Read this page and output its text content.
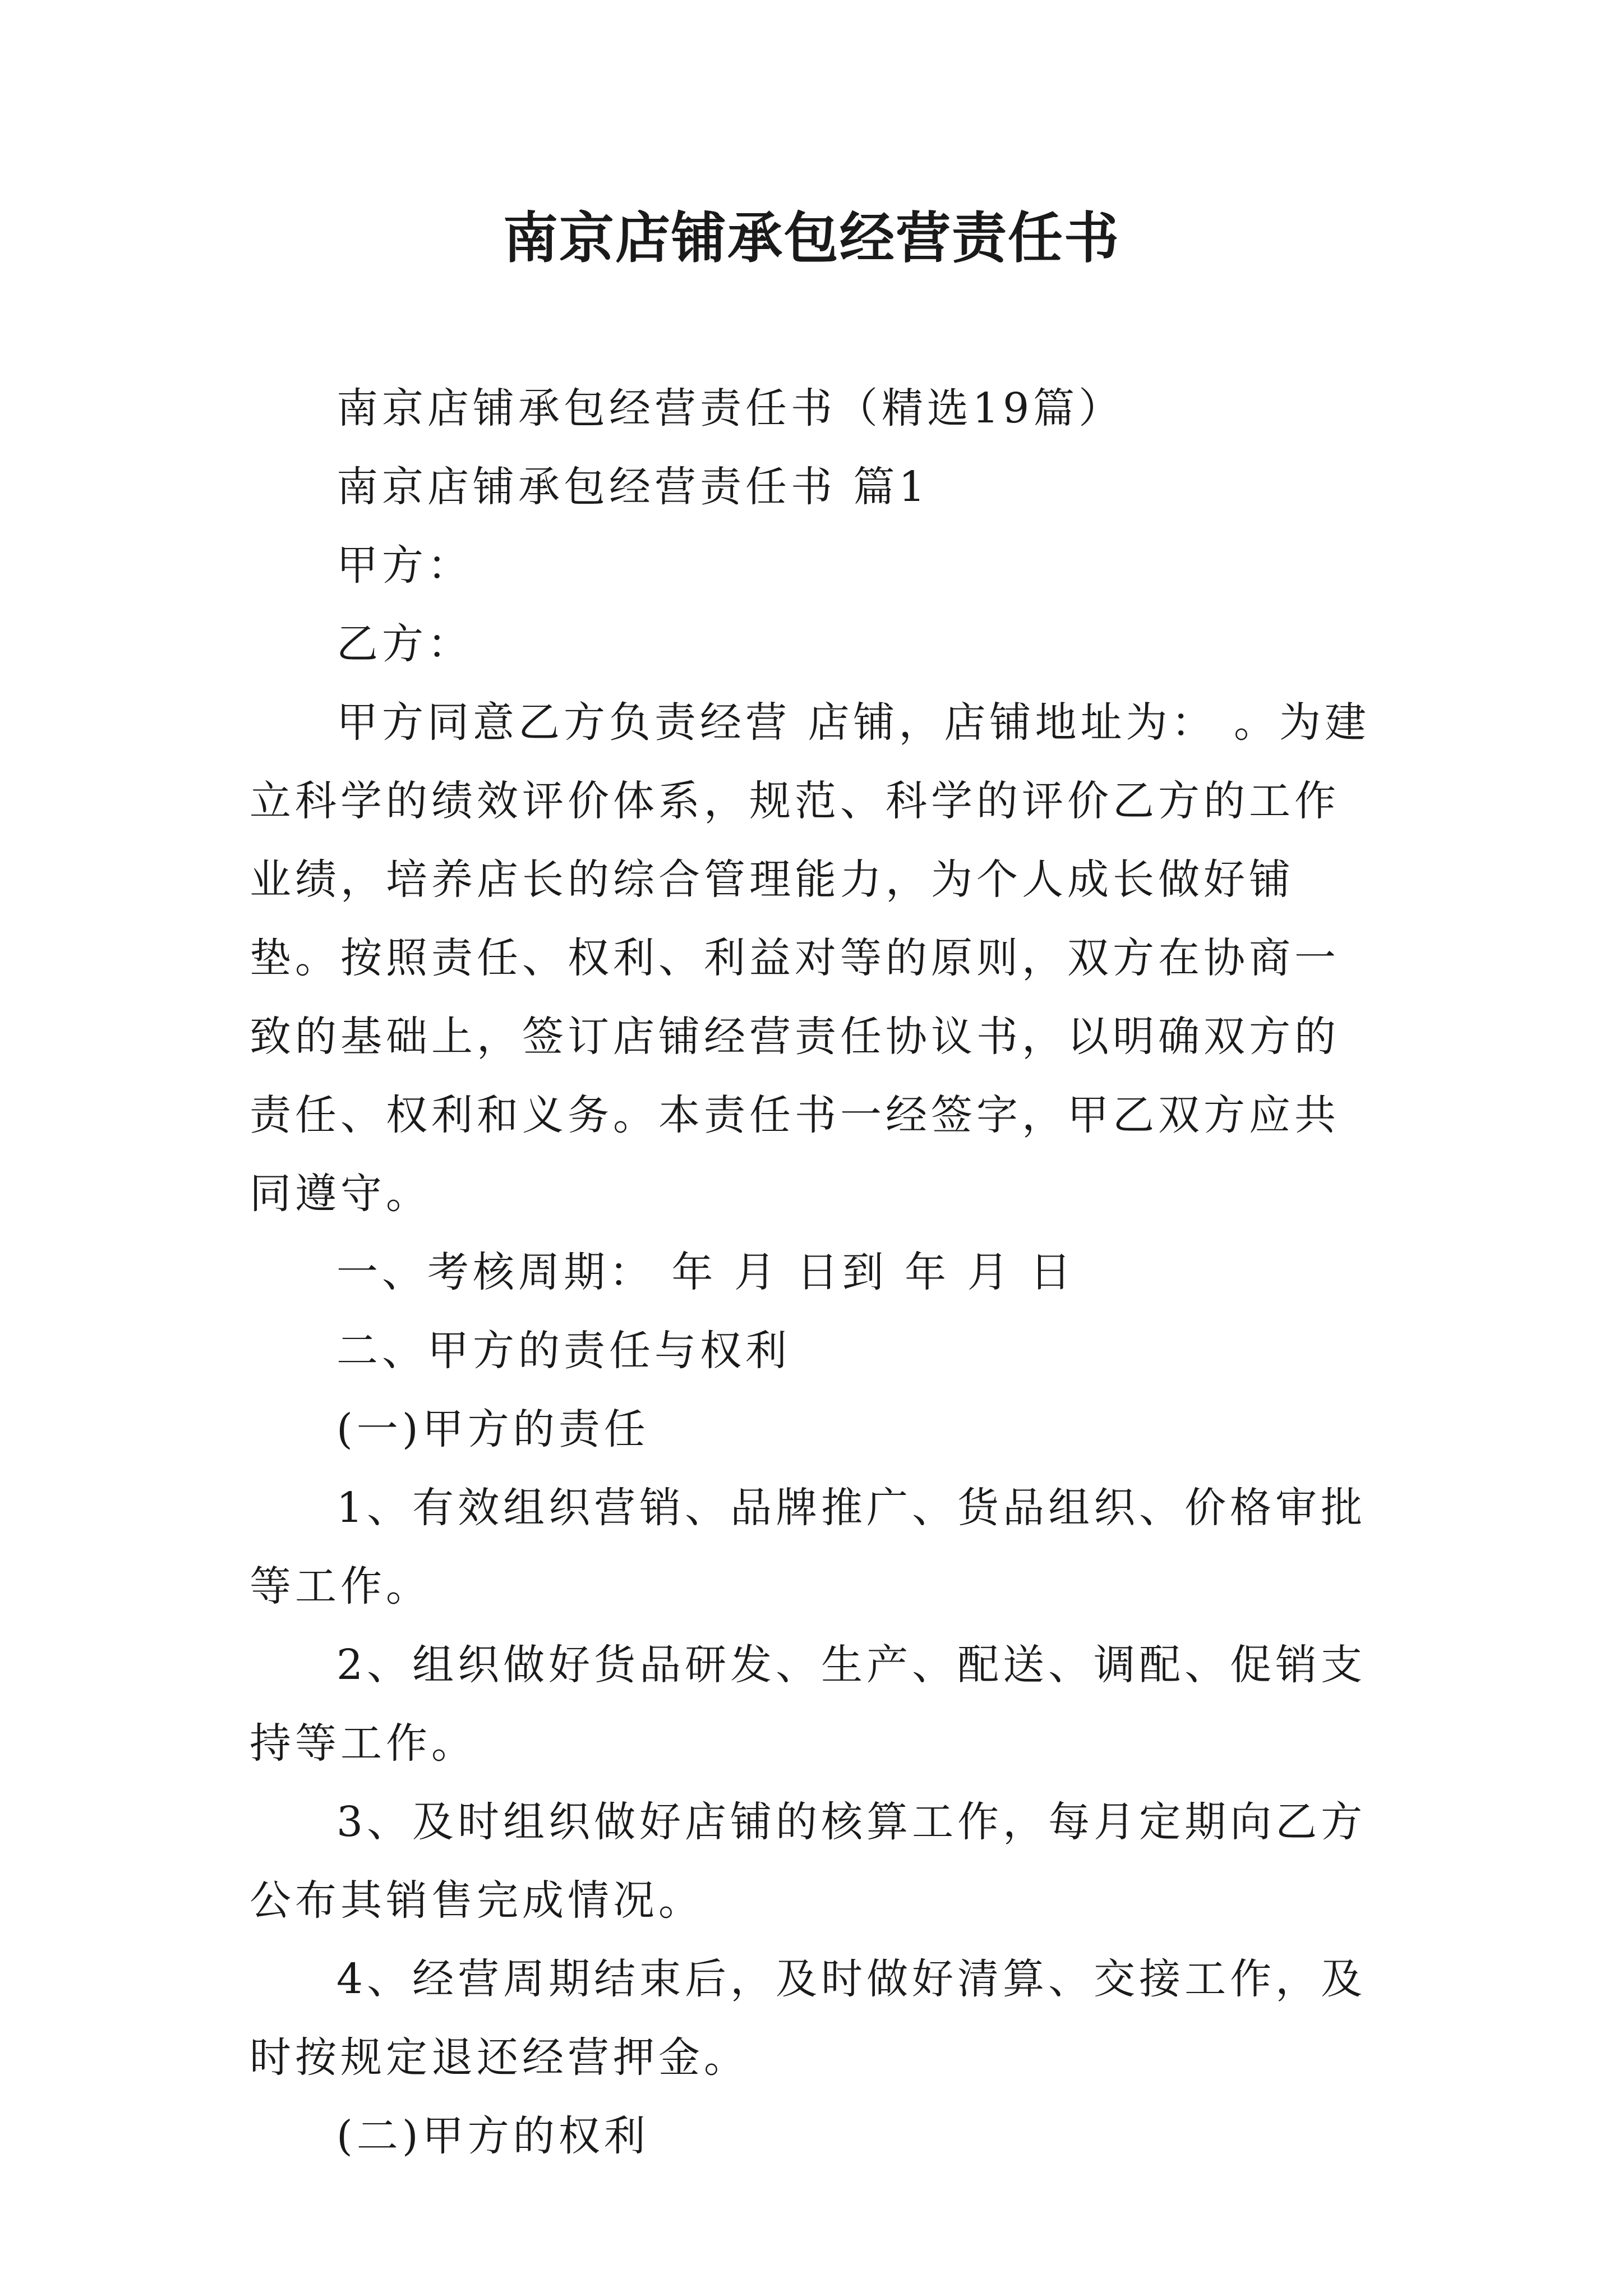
南京店铺承包经营责任书

南京店铺承包经营责任书（精选19篇）

南京店铺承包经营责任书 篇1

甲方：

乙方：

甲方同意乙方负责经营 店铺，店铺地址为： 。为建立科学的绩效评价体系，规范、科学的评价乙方的工作业绩，培养店长的综合管理能力，为个人成长做好铺垫。按照责任、权利、利益对等的原则，双方在协商一致的基础上，签订店铺经营责任协议书，以明确双方的责任、权利和义务。本责任书一经签字，甲乙双方应共同遵守。

一、考核周期： 年 月 日到 年 月 日

二、甲方的责任与权利

(一)甲方的责任

1、有效组织营销、品牌推广、货品组织、价格审批等工作。

2、组织做好货品研发、生产、配送、调配、促销支持等工作。

3、及时组织做好店铺的核算工作，每月定期向乙方公布其销售完成情况。

4、经营周期结束后，及时做好清算、交接工作，及时按规定退还经营押金。

(二)甲方的权利
